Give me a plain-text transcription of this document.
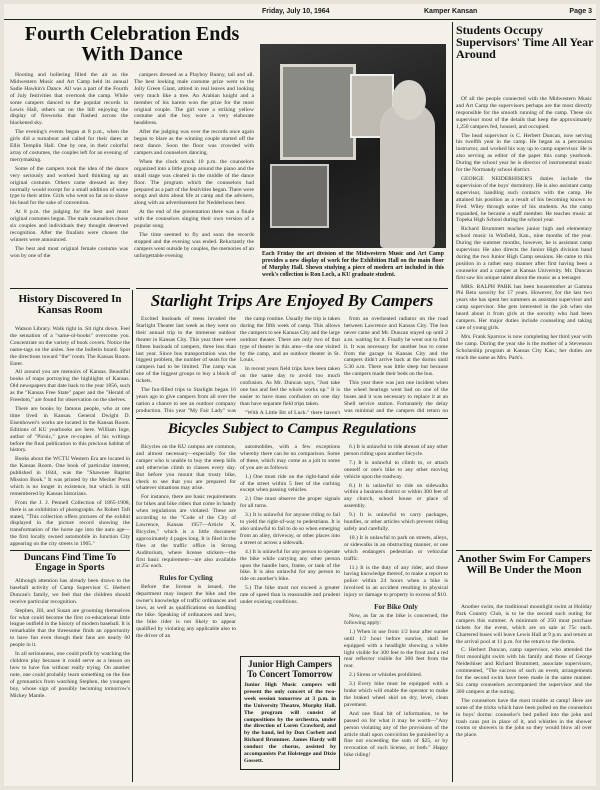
Friday, July 10, 1964	Kamper Kansan	Page 3
Fourth Celebration Ends With Dance

Hooting and hollering filled the air as the Midwestern Music and Art Camp held its annual Sadie Hawkin's Dance. All was a part of the Fourth of July festivities that overtook the camp. While some campers danced to the popular records in Lewis Hall, others sat on the hill enjoying the display of fireworks that flashed across the blackened sky.

The evening's events began at 8 p.m., when the girls did a turnabout and called for their dates at Ellis Templin Hall. One by one, in their colorful array of costumes, the couples left for an evening of merrymaking.

Some of the campers took the idea of the dance very seriously and worked hard thinking up an original costume. Others came dressed as they normally would except for a small addition of some type to their attire. Girls who went so far as to shave his head for the sake of convention.

At 8 p.m. the judging for the best and most original costumes began. The male counselors chose six couples and individuals they thought deserved recognition. After the finalists were chosen the winners were announced.

The best and most original female costume was won by one of the

campers dressed as a Playboy Bunny, tail and all. The best looking male costume prize went to the Jolly Green Giant, attired in real leaves and looking very much like a tree. An Arabian knight and a member of his harem won the prize for the most original couple. The girl wore a striking yellow costume and the boy wore a very elaborate headdress.

After the judging was over the records once again began to blare as the winning couple started off the next dance. Soon the floor was crowded with campers and counselors dancing.

When the clock struck 10 p.m. the counselors organized into a little group around the piano and the small stage was cleared in the middle of the dance floor. The program which the counselors had prepared as a part of the festivities began. There were songs and skits about life at camp and the advisers, along with an advertisement for Nedderhoos beer.

At the end of the presentation there was a finale with the counselors singing their own version of a popular song.

The time seemed to fly and soon the records stopped and the evening was ended. Reluctantly the campers went outside by couples, the memories of an unforgettable evening	Each Friday the art division of the Midwestern Music and Art Camp provides a new display of work for the Exhibition Hall on the main floor of Murphy Hall. Shown studying a piece of modern art included in this week's collection is Ron Loch, a KU graduate student.
Students Occupy Supervisors' Time All Year Around

Of all the people connected with the Midwestern Music and Art Camp the supervisors perhaps are the most directly responsible for the smooth running of the camp. These six supervisor most of the details that keep the approximately 1,250 campers fed, housed, and occupied.

The head supervisor is C. Herbert Duncan, now serving his twelfth year in the camp. He began as a percussion instructor, and worked his way up to camp supervisor. He is also serving as editor of the paper this camp yearbook. During the school year he is director of instrumental music for the Normandy school district.

GEORGE NEIDERHISER'S duties include the supervision of the boys' dormitory. He is also assistant camp supervisor, handling such contacts with the camp. He attained his position as a result of his becoming known to Fred. Wiley through some of his students. As the camp expanded, he became a staff member. He teaches music at Topeka High School during the school year.

Richard Brummett teaches junior high and elementary school music in Winfield, Kan., nine months of the year. During the summer months, however, he is assistant camp supervisor. He also directs the Junior High division band during the two Junior High Camp sessions. He came to this position in a rather easy manner after first having been a counselor and a camper at Kansas University. Mr. Duncan first saw his unique talent about the music as a teenager.

MRS. RALPH PARK has been housemother at Gamma Phi Beta sorority for 17 years. However, for the last two years she has spent her summers as assistant supervisor and camp supervisor. She gets interested in the job when she heard about it from girls at the sorority who had been campers. Her major duties include counseling and taking care of young girls.

Mrs. Frank Sparrow is now completing her third year with the camp. During the year she is the mother of a Stevenson Scholarship program at Kansas City Kan.; her duties are much the same as Mrs. Park's.

Another Swim For Campers Will Be Under the Moon

Another swim, the traditional moonlight swim at Holiday Park Country Club, is to be the second such outing for campers this summer. A minimum of 250 must purchase tickets for the event, which are on sale at 75c each. Chartered buses will leave Lewis Hall at 9 p.m. and return at the arrival pool at 11 p.m. for the return to the dorms.

C. Herbert Duncan, camp supervisor, who attended the first moonlight swim with his family and those of George Neiderhiser and Richard Brummett, associate supervisors, commented, "The success of such an event, arrangements for the second swim have been made in the same manner. Six camp counselors accompanied the supervisor and the 300 campers at the outing.

The counselors have the most trouble at camp! Here are some of the tricks which have been pulled on the counselors in boys' dorms: counselor's bed pulled into the john and trash cans put in place of it, and whistles in the shower rooms or showers in the john so they would blow all over the place.

History Discovered In Kansas Room

Watson Library. Walk right in. Sit right down. Feel the sensation of a "same-ol-books" overcome you. Concentrate on the variety of book covers. Notice the name-tags on the aisles. See the bulletin board. Spot the directions toward "the" room. The Kansas Room. Enter.

All around you are memoirs of Kansas. Beautiful books of maps portraying the highlights of Kansas. Old newspapers that date back to the year 1856, such as the "Kansas Free State" paper and the "Herald of Freedom," are found for observation on the shelves.

There are books by famous people, who at one time lived in Kansas. General Dwight D. Eisenhower's works are located in the Kansas Room. Editions of KU yearbooks are here. William Inge, author of "Picnic," gave re-copies of his writings before the final publication to this precious habitat of history.

Books about the WCTU Western Era are located in the Kansas Room. One book of particular interest, published in 1844, was the "Shawnee Baptist Mission Book." It was printed by the Mecker Press which is no longer in existence, but which is still remembered by Kansas historians.

From the J. J. Pennell Collection of 1865-1908, there is an exhibition of photographs. As Robert Taft stated, "This collection offers pictures of the exhibit displayed in the picture record showing the transformation of the horse age into the auto age—the first locally owned automobile in Junction City appearing on the city streets in 1905."

Duncans Find Time To Engage in Sports

Although attention has already been drawn to the baseball activity of Camp Supervisor C. Herbert Duncan's family, we feel that the children should receive particular recognition.

Stephen, Jill, and Susan are grooming themselves for what could become the first co-educational little league outfield in the history of modern baseball. It is remarkable that the threesome finds an opportunity to have fun even though their fans are nearly 60 people in it.

In all seriousness, one could profit by watching the children play because it could serve as a lesson on how to have fun without really trying. On another note, one could probably learn something on the line of gymnastics from watching Stephen, the youngest boy, whose sign of possibly becoming tomorrow's Mickey Mantle.

Starlight Trips Are Enjoyed By Campers

Excited busloads of teens invaded the Starlight Theater last week as they went on their annual trip to the immense outdoor theater in Kansas City. This year there were fifteen busloads of campers, three less than last year. Since bus transportation was the biggest problem, the number of seats for the campers had to be limited. The camp was one of the biggest groups to buy a block of tickets.

The fun-filled trips to Starlight began 16 years ago to give campers from all over the nation a chance to see an outdoor company production. This year "My Fair Lady" was

the camp routine. Usually the trip is taken during the fifth week of camp. This allows the campers to see Kansas City and the large outdoor theater. There are only two of that type of theater in this area—the one visited by the camp, and an outdoor theater in St. Louis.

In recent years field trips have been taken on the same day to avoid too much confusion. As Mr. Duncan says, "Just take one bus and feel the whole works up." It is easier to have mass confusion on one day than have separate field trips taken.

"With A Little Bit of Luck," there haven't

from an overheated radiator on the road between Lawrence and Kansas City. The bus never came and Mr. Duncan stayed up until 2 a.m. waiting for it. Finally he went out to find it. It was necessary for another bus to come from the garage in Kansas City and the campers didn't arrive back at the dorms until 5:30 a.m. There was little sleep but because the campers made their beds on the bus.

This year there was just one incident when the wheel bearings went bad on one of the buses and it was necessary to replace it at an Shell service station. Fortunately the delay was minimal and the campers did return on

Bicycles Subject to Campus Regulations

Bicycles on the KU campus are common, and almost necessary—especially for the camper who is unable to buy the steep hills and otherwise climb to classes every day. But before you mount that trusty bike, check to see that you are prepared for whatever situations may arise.

For instance, there are basic requirements for bikes and bike riders that come in handy when regulations are violated. These are according to the "Code of the City of Lawrence, Kansas 1957—Article X. Bicycles," which is a little document approximately 4 pages long. It is filed in the files at the traffic office in Strong Auditorium, where license stickers—the first basic requirement—are also available at 25c each.

Rules for Cycling

Before the license is issued, the department may inspect the bike and the owner's knowledge of traffic ordinances and laws, as well as qualifications on handling the bike. Speaking of ordinances and laws, the bike rider is not likely to appear qualified by violating any applicable also to the driver of an

automobiles, with a few exceptions whereby there can be no comparison. Some of these, which may come as a jolt to some of you are as follows:

1.) One must ride on the right-hand side of the street within 5 feet of the curbing except when passing vehicles.

2.) One must observe the proper signals for all turns.

3.) It is unlawful for anyone riding to fail to yield the right-of-way to pedestrians. It is also unlawful to fail to do so when emerging from an alley, driveway, or other places into a street or across a sidewalk.

4.) It is unlawful for any person to operate the bike while carrying any other person upon the handle bars, frame, or tank of the bike. It is also unlawful for any person to ride on another's bike.

5.) The bike must not exceed a greater rate of speed than is reasonable and prudent under existing conditions.

6.) It is unlawful to ride abreast of any other person riding upon another bicycle.

7.) It is unlawful to climb to, or attach oneself or one's bike to any other moving vehicle upon the roadway.

8.) It is unlawful to ride on sidewalks within a business district or within 300 feet of any church, school house or place of assembly.

9.) It is unlawful to carry packages, bundles, or other articles which prevent riding safely and carefully.

10.) It is unlawful to park on streets, alleys, or sidewalks in an obstructing manner, or one which endangers pedestrian or vehicular traffic.

11.) It is the duty of any rider, and those having knowledge thereof, to make a report to police within 24 hours when a bike is involved in an accident resulting in physical injury or damage to property in excess of $10.

For Bike Only

Now, as far as the bike is concerned, the following apply:

1.) When in use from 1/2 hour after sunset until 1/2 hour before sunrise, shall be equipped with a headlight showing a white light visible for 300 feet to the front and a red rear reflector visible for 300 feet from the rear.

2.) Sirens or whistles prohibited.

3.) Every bike must be equipped with a brake which will enable the operator to make the braked wheel skid on dry, level, clean pavement.

And one final bit of information, to be passed on for what it may be worth—"Any person violating any of the provisions of the article shall upon conviction be punished by a fine not exceeding the sum of $25, or by revocation of such license, or both." Happy bike riding!

Junior High Campers To Concert Tomorrow
Junior High Music campers will present the only concert of the two-week session tomorrow at 3 p.m. in the University Theatre, Murphy Hall. The program will consist of compositions by the orchestra, under the direction of Loren Crawford, and by the band, led by Don Corbett and Richard Brummer. James Hardy will conduct the chorus, assisted by accompanists Pat Holstegge and Dixie Gossett.
